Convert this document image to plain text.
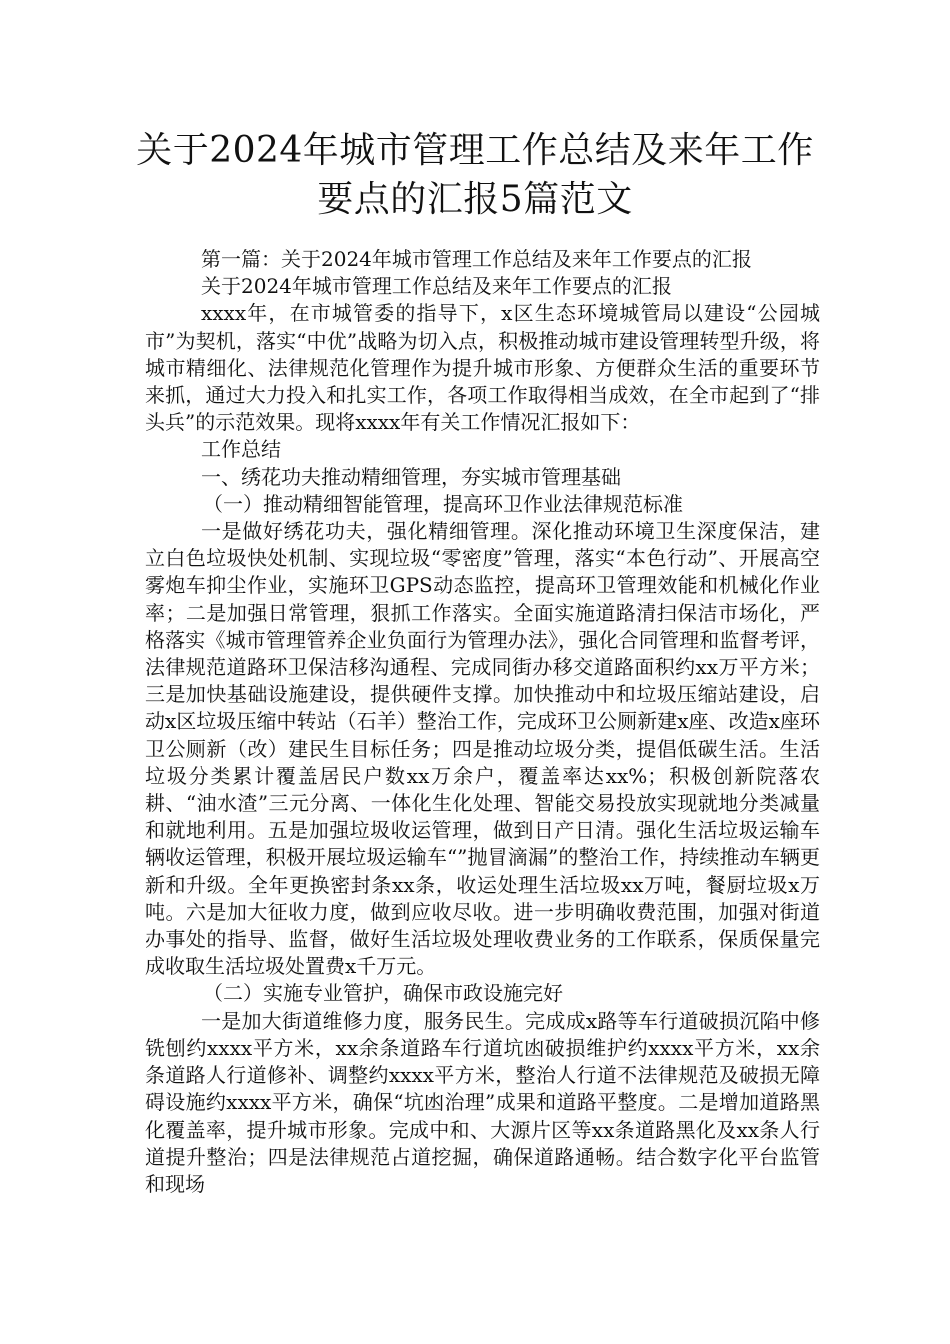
关于2024年城市管理工作总结及来年工作
要点的汇报5篇范文

第一篇：关于2024年城市管理工作总结及来年工作要点的汇报

关于2024年城市管理工作总结及来年工作要点的汇报

xxxx年，在市城管委的指导下，x区生态环境城管局以建设“公园城市”为契机，落实“中优”战略为切入点，积极推动城市建设管理转型升级，将城市精细化、法律规范化管理作为提升城市形象、方便群众生活的重要环节来抓，通过大力投入和扎实工作，各项工作取得相当成效，在全市起到了“排头兵”的示范效果。现将xxxx年有关工作情况汇报如下：

工作总结

一、绣花功夫推动精细管理，夯实城市管理基础

（一）推动精细智能管理，提高环卫作业法律规范标准

一是做好绣花功夫，强化精细管理。深化推动环境卫生深度保洁，建立白色垃圾快处机制、实现垃圾“零密度”管理，落实“本色行动”、开展高空雾炮车抑尘作业，实施环卫GPS动态监控，提高环卫管理效能和机械化作业率；二是加强日常管理，狠抓工作落实。全面实施道路清扫保洁市场化，严格落实《城市管理管养企业负面行为管理办法》，强化合同管理和监督考评，法律规范道路环卫保洁移沟通程、完成同街办移交道路面积约xx万平方米；三是加快基础设施建设，提供硬件支撑。加快推动中和垃圾压缩站建设，启动x区垃圾压缩中转站（石羊）整治工作，完成环卫公厕新建x座、改造x座环卫公厕新（改）建民生目标任务；四是推动垃圾分类，提倡低碳生活。生活垃圾分类累计覆盖居民户数xx万余户，覆盖率达xx%；积极创新院落农耕、“油水渣”三元分离、一体化生化处理、智能交易投放实现就地分类减量和就地利用。五是加强垃圾收运管理，做到日产日清。强化生活垃圾运输车辆收运管理，积极开展垃圾运输车“”抛冒滴漏”的整治工作，持续推动车辆更新和升级。全年更换密封条xx条，收运处理生活垃圾xx万吨，餐厨垃圾x万吨。六是加大征收力度，做到应收尽收。进一步明确收费范围，加强对街道办事处的指导、监督，做好生活垃圾处理收费业务的工作联系，保质保量完成收取生活垃圾处置费x千万元。

（二）实施专业管护，确保市政设施完好

一是加大街道维修力度，服务民生。完成成x路等车行道破损沉陷中修铣刨约xxxx平方米，xx余条道路车行道坑凼破损维护约xxxx平方米，xx余条道路人行道修补、调整约xxxx平方米，整治人行道不法律规范及破损无障碍设施约xxxx平方米，确保“坑凼治理”成果和道路平整度。二是增加道路黑化覆盖率，提升城市形象。完成中和、大源片区等xx条道路黑化及xx条人行道提升整治；四是法律规范占道挖掘，确保道路通畅。结合数字化平台监管和现场
